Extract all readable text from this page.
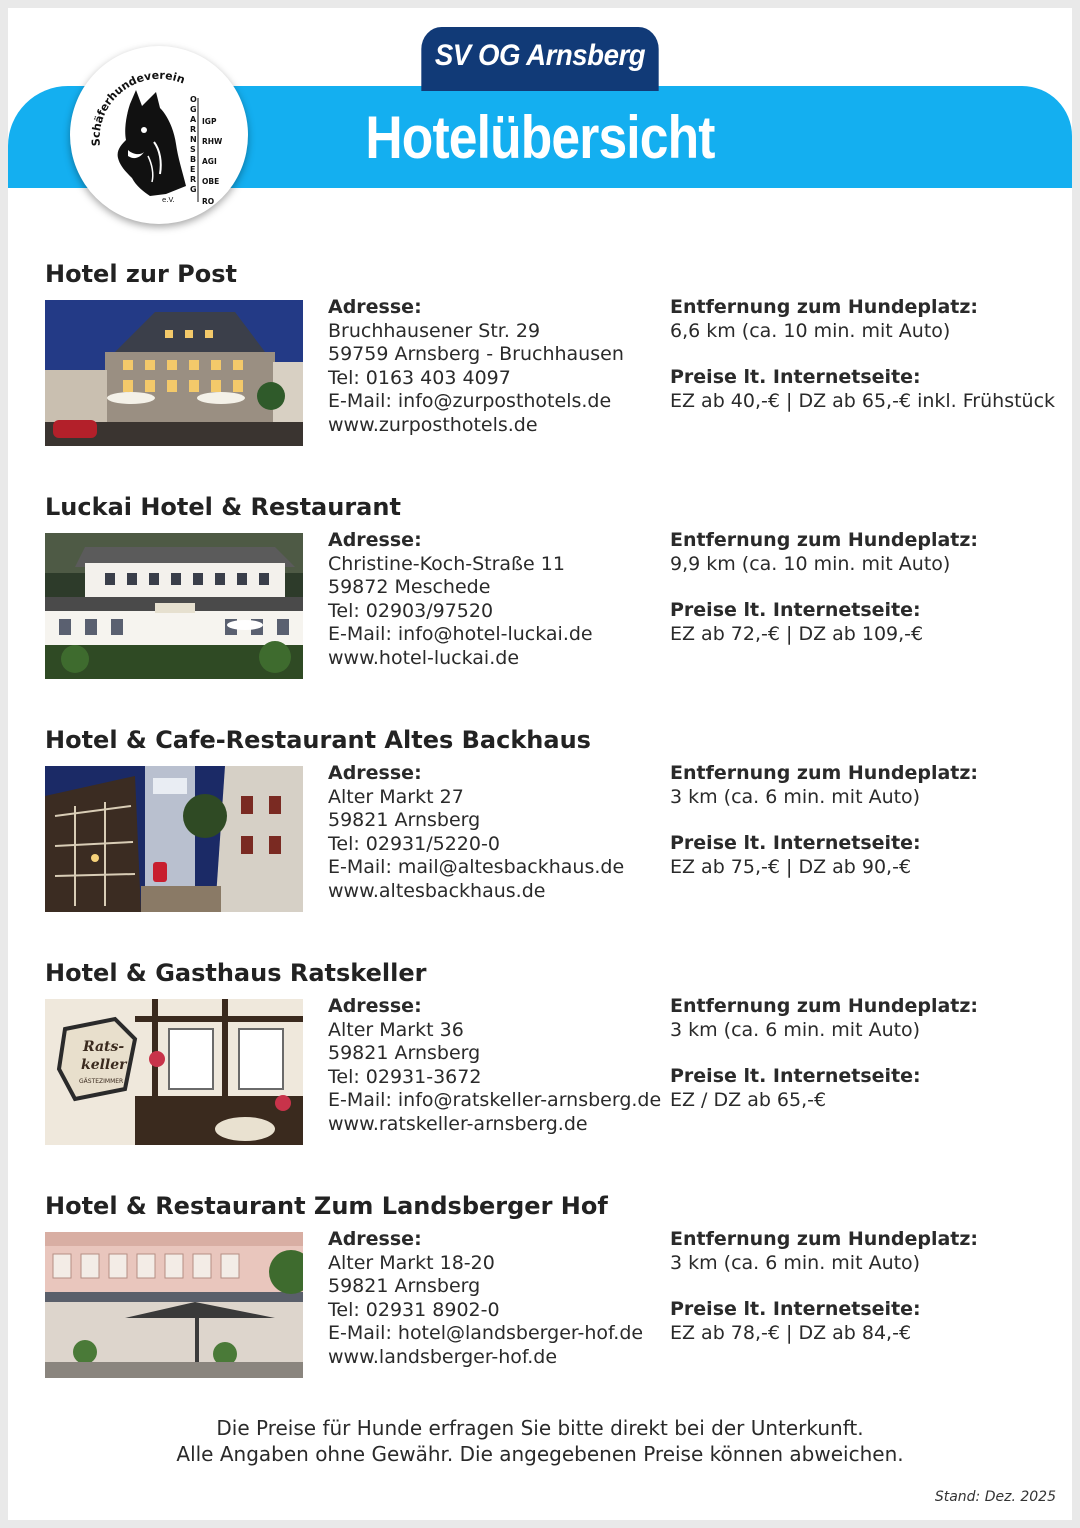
SV OG Arnsberg
Hotelübersicht
Schäferhundeverein
O G A R N S B E R G
IGP
RHW
AGI
OBE
RO
e.V.
Hotel zur Post
Adresse:
Bruchhausener Str. 29
59759 Arnsberg - Bruchhausen
Tel: 0163 403 4097
E-Mail: info@zurposthotels.de
www.zurposthotels.de
Entfernung zum Hundeplatz:
6,6 km (ca. 10 min. mit Auto)
Preise lt. Internetseite:
EZ ab 40,-€ | DZ ab 65,-€ inkl. Frühstück
Luckai Hotel & Restaurant
Adresse:
Christine-Koch-Straße 11
59872 Meschede
Tel: 02903/97520
E-Mail: info@hotel-luckai.de
www.hotel-luckai.de
Entfernung zum Hundeplatz:
9,9 km (ca. 10 min. mit Auto)
Preise lt. Internetseite:
EZ ab 72,-€ | DZ ab 109,-€
Hotel & Cafe-Restaurant Altes Backhaus
Adresse:
Alter Markt 27
59821 Arnsberg
Tel: 02931/5220-0
E-Mail: mail@altesbackhaus.de
www.altesbackhaus.de
Entfernung zum Hundeplatz:
3 km (ca. 6 min. mit Auto)
Preise lt. Internetseite:
EZ ab 75,-€ | DZ ab 90,-€
Hotel & Gasthaus Ratskeller
Rats-
keller
GÄSTEZIMMER
Adresse:
Alter Markt 36
59821 Arnsberg
Tel: 02931-3672
E-Mail: info@ratskeller-arnsberg.de
www.ratskeller-arnsberg.de
Entfernung zum Hundeplatz:
3 km (ca. 6 min. mit Auto)
Preise lt. Internetseite:
EZ / DZ ab 65,-€
Hotel & Restaurant Zum Landsberger Hof
Adresse:
Alter Markt 18-20
59821 Arnsberg
Tel: 02931 8902-0
E-Mail: hotel@landsberger-hof.de
www.landsberger-hof.de
Entfernung zum Hundeplatz:
3 km (ca. 6 min. mit Auto)
Preise lt. Internetseite:
EZ ab 78,-€ | DZ ab 84,-€
Die Preise für Hunde erfragen Sie bitte direkt bei der Unterkunft.
Alle Angaben ohne Gewähr. Die angegebenen Preise können abweichen.
Stand: Dez. 2025
